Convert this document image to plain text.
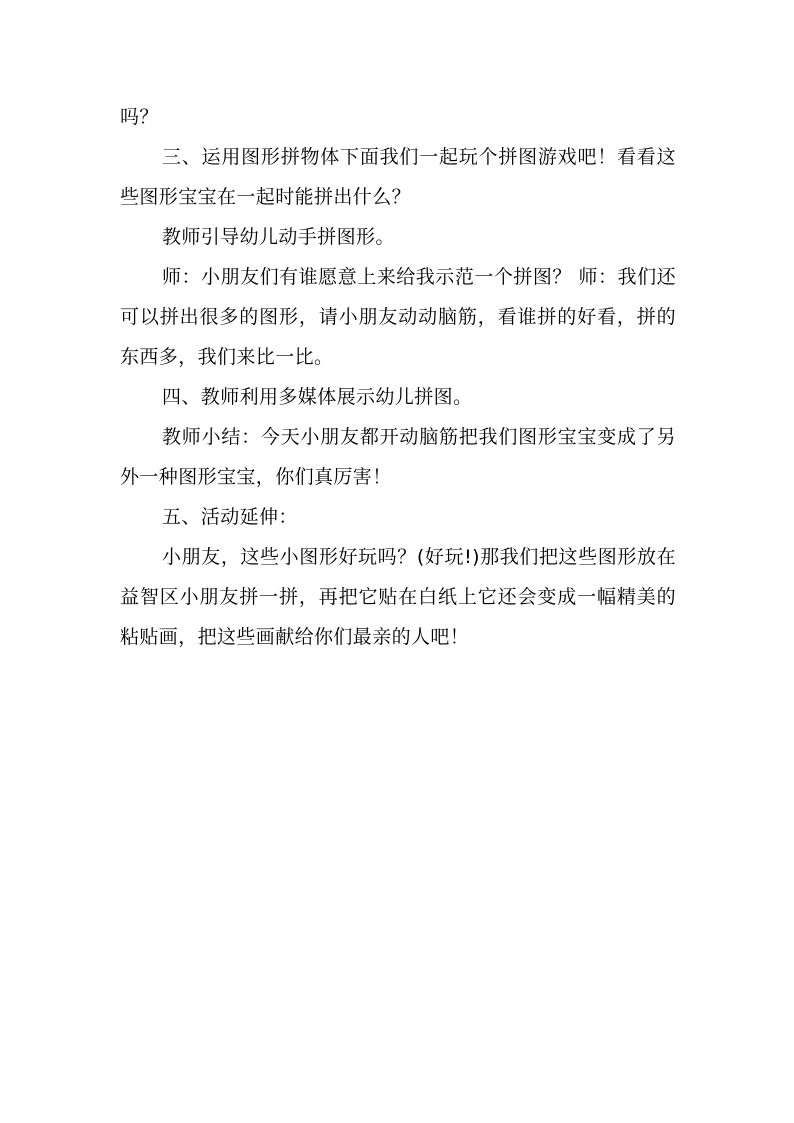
吗？

三、运用图形拼物体下面我们一起玩个拼图游戏吧！看看这些图形宝宝在一起时能拼出什么？

教师引导幼儿动手拼图形。

师：小朋友们有谁愿意上来给我示范一个拼图？ 师：我们还可以拼出很多的图形，请小朋友动动脑筋，看谁拼的好看，拼的东西多，我们来比一比。

四、教师利用多媒体展示幼儿拼图。

教师小结：今天小朋友都开动脑筋把我们图形宝宝变成了另外一种图形宝宝，你们真厉害！

五、活动延伸：

小朋友，这些小图形好玩吗？(好玩!)那我们把这些图形放在益智区小朋友拼一拼，再把它贴在白纸上它还会变成一幅精美的粘贴画，把这些画献给你们最亲的人吧！
